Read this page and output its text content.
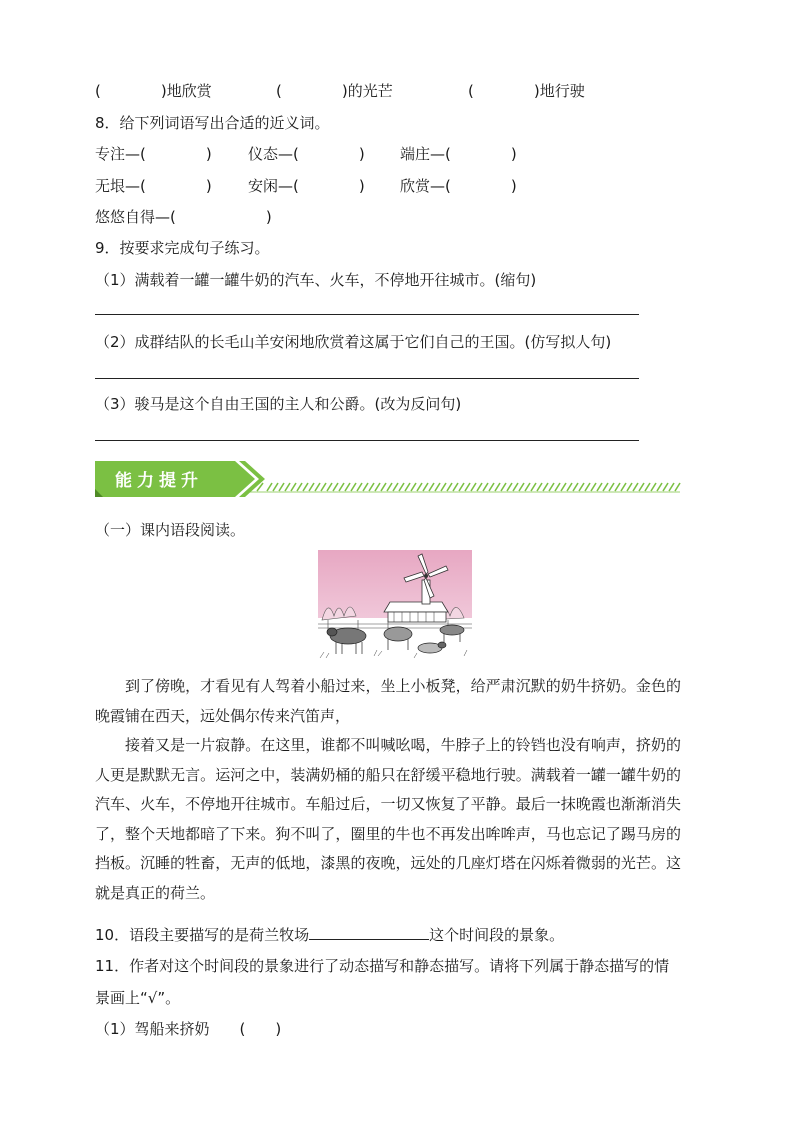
(　　　　)地欣赏	(　　　　)的光芒	(　　　　)地行驶
8．给下列词语写出合适的近义词。
专注—(　　　　) 仪态—(　　　　) 端庄—(　　　　)
无垠—(　　　　) 安闲—(　　　　) 欣赏—(　　　　)
悠悠自得—(　　　　　　)
9．按要求完成句子练习。
（1）满载着一罐一罐牛奶的汽车、火车，不停地开往城市。(缩句)
（2）成群结队的长毛山羊安闲地欣赏着这属于它们自己的王国。(仿写拟人句)
（3）骏马是这个自由王国的主人和公爵。(改为反问句)
能力提升
（一）课内语段阅读。

到了傍晚，才看见有人驾着小船过来，坐上小板凳，给严肃沉默的奶牛挤奶。金色的晚霞铺在西天，远处偶尔传来汽笛声，

接着又是一片寂静。在这里，谁都不叫喊吆喝，牛脖子上的铃铛也没有响声，挤奶的人更是默默无言。运河之中，装满奶桶的船只在舒缓平稳地行驶。满载着一罐一罐牛奶的汽车、火车，不停地开往城市。车船过后，一切又恢复了平静。最后一抹晚霞也渐渐消失了，整个天地都暗了下来。狗不叫了，圈里的牛也不再发出哞哞声，马也忘记了踢马房的挡板。沉睡的牲畜，无声的低地，漆黑的夜晚，远处的几座灯塔在闪烁着微弱的光芒。这就是真正的荷兰。

10．语段主要描写的是荷兰牧场	这个时间段的景象。
11．作者对这个时间段的景象进行了动态描写和静态描写。请将下列属于静态描写的情
景画上“√”。
（1）驾船来挤奶　　(　　)
